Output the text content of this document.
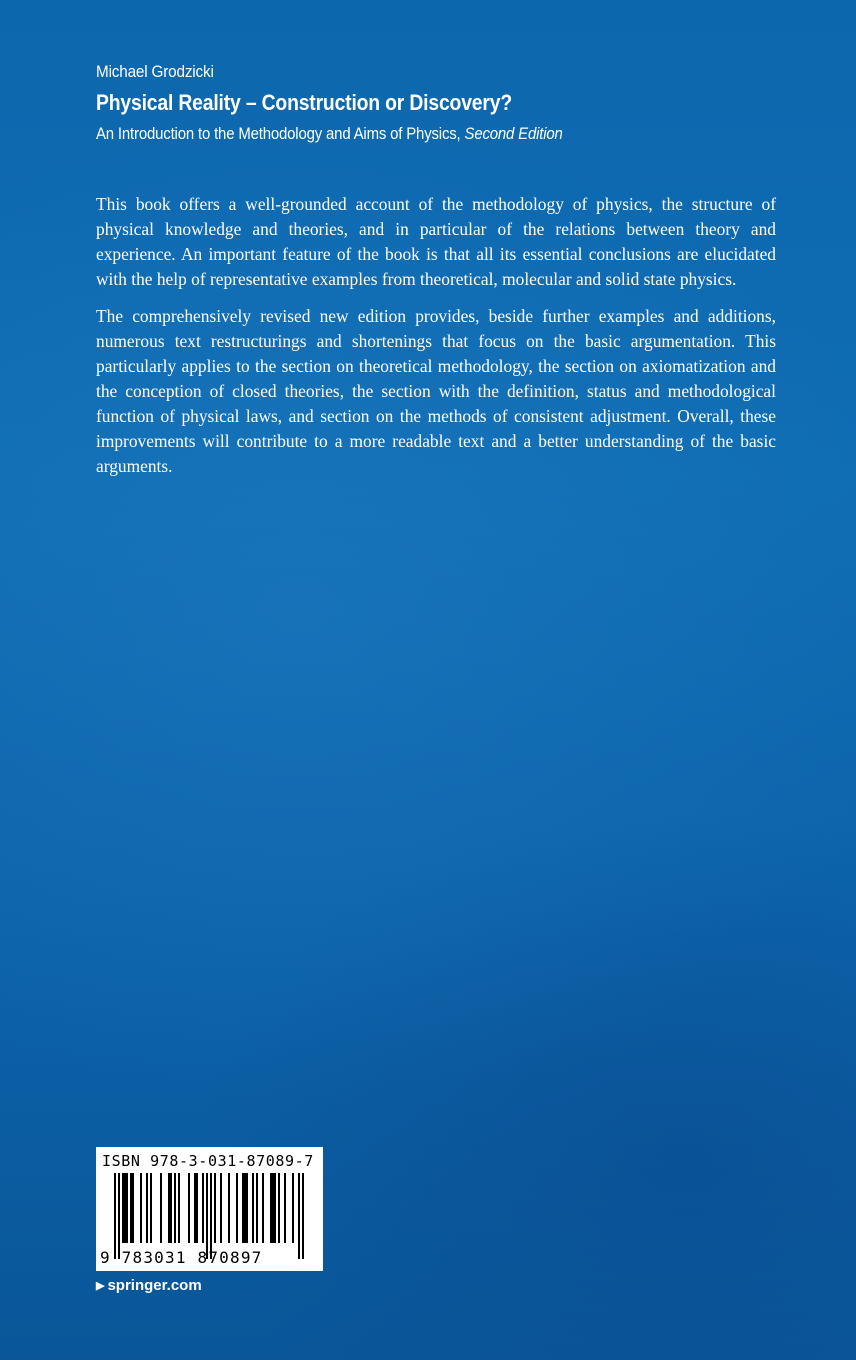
Michael Grodzicki
Physical Reality – Construction or Discovery?
An Introduction to the Methodology and Aims of Physics, Second Edition

This book offers a well-grounded account of the methodology of physics, the structure of physical knowledge and theories, and in particular of the relations between theory and experience. An important feature of the book is that all its essential conclusions are elucidated with the help of representative examples from theoretical, molecular and solid state physics.

The comprehensively revised new edition provides, beside further examples and additions, numerous text restructurings and shortenings that focus on the basic argumentation. This particularly applies to the section on theoretical methodology, the section on axiomatization and the conception of closed theories, the section with the definition, status and methodological function of physical laws, and section on the methods of consistent adjustment. Overall, these improvements will contribute to a more readable text and a better understanding of the basic arguments.

ISBN 978-3-031-87089-7
9 783031 870897
▶ springer.com
